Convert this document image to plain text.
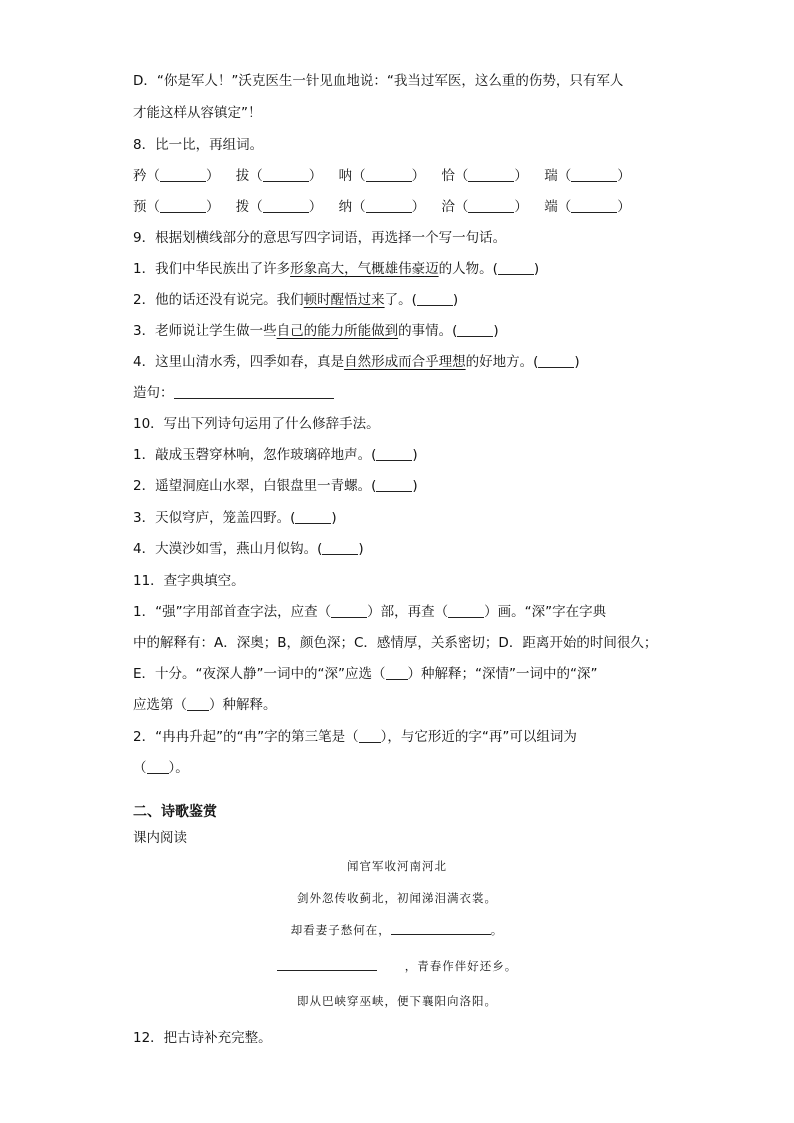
D．“你是军人！”沃克医生一针见血地说：“我当过军医，这么重的伤势，只有军人
才能这样从容镇定”！
8．比一比，再组词。
矜（	） 拔（	） 呐（	） 恰（	） 瑞（	）
预（	） 拨（	） 纳（	） 洽（	） 端（	）
9．根据划横线部分的意思写四字词语，再选择一个写一句话。
1．我们中华民族出了许多形象高大，气概雄伟豪迈的人物。(	)
2．他的话还没有说完。我们顿时醒悟过来了。(	)
3．老师说让学生做一些自己的能力所能做到的事情。(	)
4．这里山清水秀，四季如春，真是自然形成而合乎理想的好地方。(	)
造句：
10．写出下列诗句运用了什么修辞手法。
1．敲成玉磬穿林响，忽作玻璃碎地声。(	)
2．遥望洞庭山水翠，白银盘里一青螺。(	)
3．天似穹庐，笼盖四野。(	)
4．大漠沙如雪，燕山月似钩。(	)
11．查字典填空。
1．“强”字用部首查字法，应查（	）部，再查（	）画。“深”字在字典
中的解释有：A．深奥；B，颜色深；C．感情厚，关系密切；D．距离开始的时间很久；
E．十分。“夜深人静”一词中的“深”应选（ ）种解释；“深情”一词中的“深”
应选第（ ）种解释。
2．“冉冉升起”的“冉”字的第三笔是（ ），与它形近的字“再”可以组词为
（ ）。
二、诗歌鉴赏
课内阅读
闻官军收河南河北
剑外忽传收蓟北，初闻涕泪满衣裳。
却看妻子愁何在，	。
，青春作伴好还乡。
即从巴峡穿巫峡，便下襄阳向洛阳。
12．把古诗补充完整。
